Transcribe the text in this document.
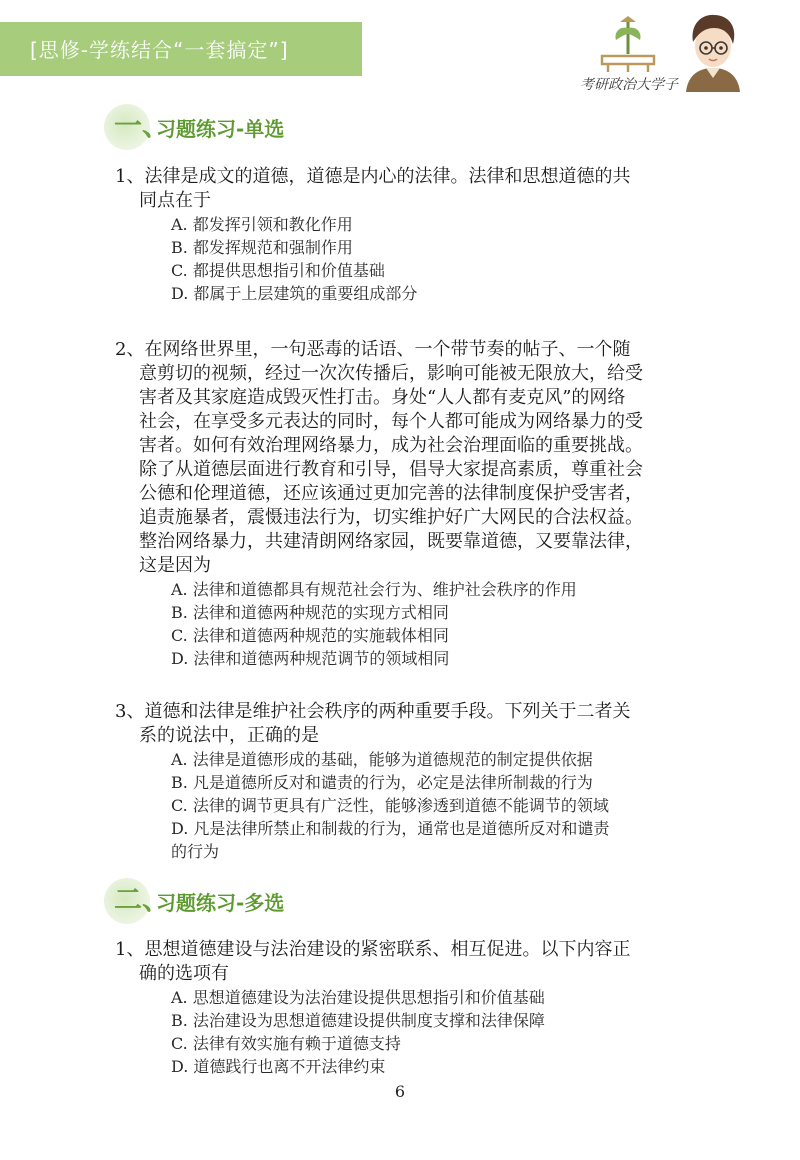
[思修-学练结合“一套搞定”]
考研政治大学子
一、
习题练习-单选

1、法律是成文的道德，道德是内心的法律。法律和思想道德的共

同点在于

A. 都发挥引领和教化作用

B. 都发挥规范和强制作用

C. 都提供思想指引和价值基础

D. 都属于上层建筑的重要组成部分

2、在网络世界里，一句恶毒的话语、一个带节奏的帖子、一个随

意剪切的视频，经过一次次传播后，影响可能被无限放大，给受

害者及其家庭造成毁灭性打击。身处“人人都有麦克风”的网络

社会，在享受多元表达的同时，每个人都可能成为网络暴力的受

害者。如何有效治理网络暴力，成为社会治理面临的重要挑战。

除了从道德层面进行教育和引导，倡导大家提高素质，尊重社会

公德和伦理道德，还应该通过更加完善的法律制度保护受害者，

追责施暴者，震慑违法行为，切实维护好广大网民的合法权益。

整治网络暴力，共建清朗网络家园，既要靠道德，又要靠法律，

这是因为

A. 法律和道德都具有规范社会行为、维护社会秩序的作用

B. 法律和道德两种规范的实现方式相同

C. 法律和道德两种规范的实施载体相同

D. 法律和道德两种规范调节的领域相同

3、道德和法律是维护社会秩序的两种重要手段。下列关于二者关

系的说法中，正确的是

A. 法律是道德形成的基础，能够为道德规范的制定提供依据

B. 凡是道德所反对和谴责的行为，必定是法律所制裁的行为

C. 法律的调节更具有广泛性，能够渗透到道德不能调节的领域

D. 凡是法律所禁止和制裁的行为，通常也是道德所反对和谴责

的行为

二、
习题练习-多选

1、思想道德建设与法治建设的紧密联系、相互促进。以下内容正

确的选项有

A. 思想道德建设为法治建设提供思想指引和价值基础

B. 法治建设为思想道德建设提供制度支撑和法律保障

C. 法律有效实施有赖于道德支持

D. 道德践行也离不开法律约束

6
